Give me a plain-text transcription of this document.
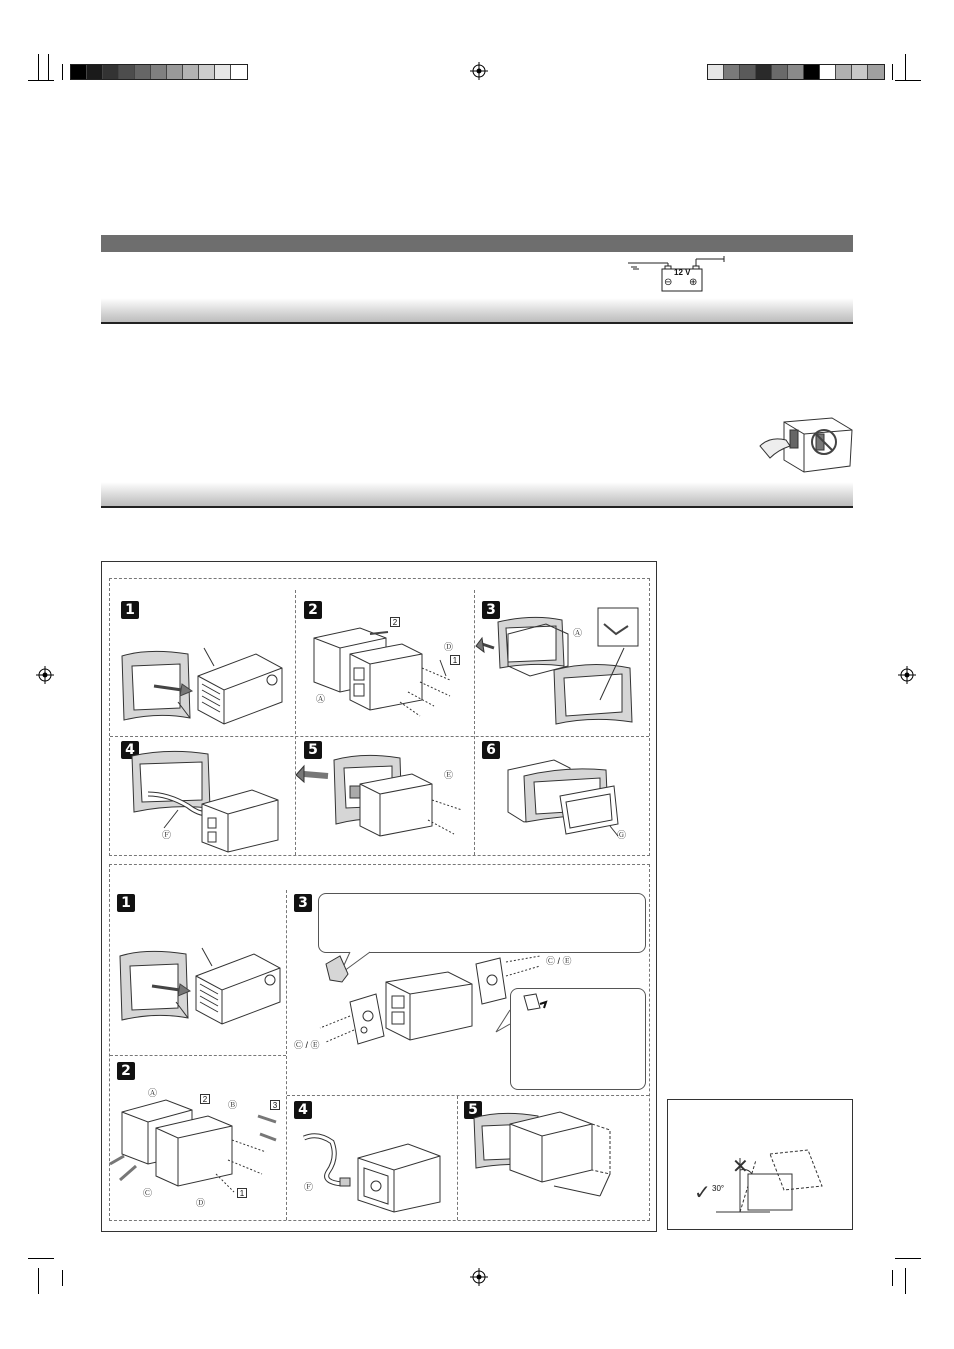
12 V
⊖ ⊕
1	2	3
4	5	6
1
2
3
4	5
2
1
Ⓓ
Ⓐ
Ⓐ
Ⓕ
Ⓔ
Ⓖ
Ⓐ
Ⓑ
2
3
1
Ⓒ
Ⓓ
Ⓒ / Ⓔ
Ⓒ / Ⓔ
Ⓕ	30°
✓
✕
